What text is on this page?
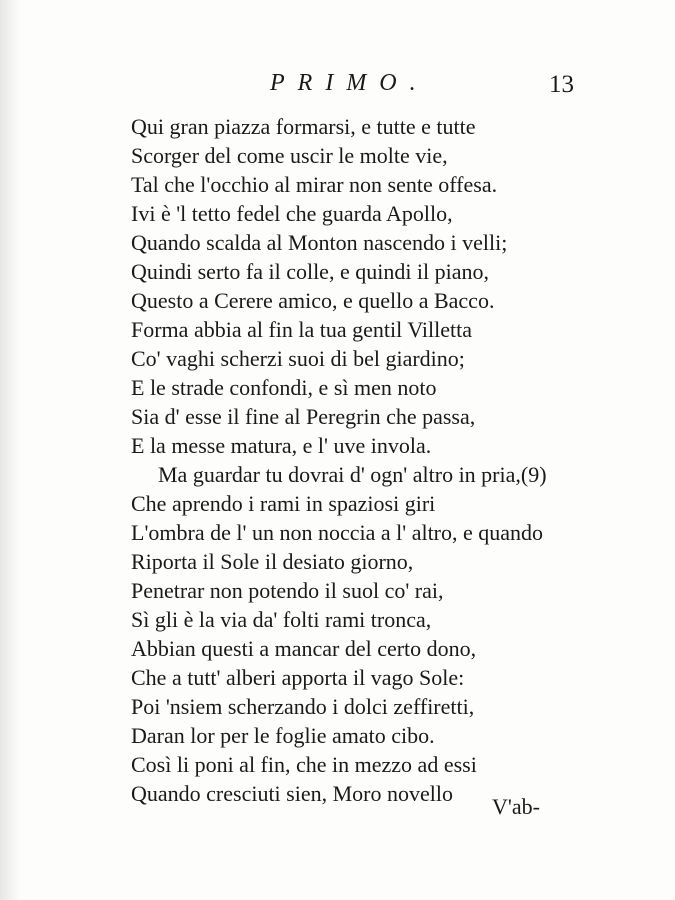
PRIMO.	13
Qui gran piazza formarsi, e tutte e tutte
Scorger del come uscir le molte vie,
Tal che l'occhio al mirar non sente offesa.
Ivi è 'l tetto fedel che guarda Apollo,
Quando scalda al Monton nascendo i velli;
Quindi serto fa il colle, e quindi il piano,
Questo a Cerere amico, e quello a Bacco.
Forma abbia al fin la tua gentil Villetta
Co' vaghi scherzi suoi di bel giardino;
E le strade confondi, e sì men noto
Sia d' esse il fine al Peregrin che passa,
E la messe matura, e l' uve invola.
Ma guardar tu dovrai d' ogn' altro in pria,(9)
Che aprendo i rami in spaziosi giri
L'ombra de l' un non noccia a l' altro, e quando
Riporta il Sole il desiato giorno,
Penetrar non potendo il suol co' rai,
Sì gli è la via da' folti rami tronca,
Abbian questi a mancar del certo dono,
Che a tutt' alberi apporta il vago Sole:
Poi 'nsiem scherzando i dolci zeffiretti,
Daran lor per le foglie amato cibo.
Così li poni al fin, che in mezzo ad essi
Quando cresciuti sien, Moro novello
V'ab-
